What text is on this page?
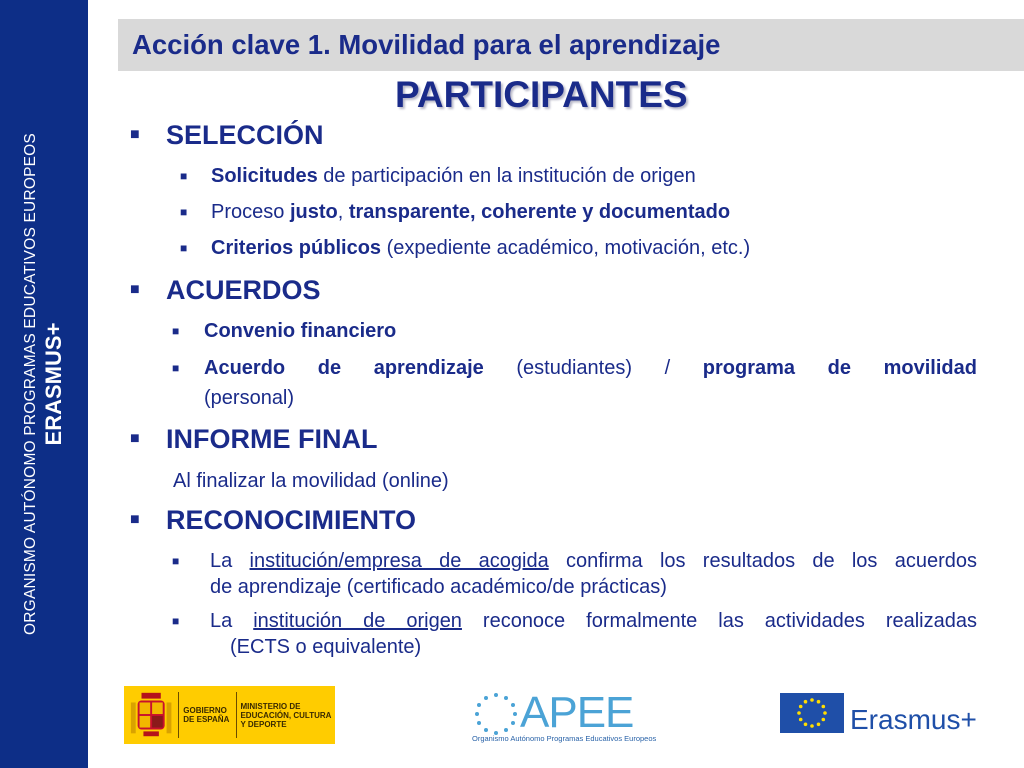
ORGANISMO AUTÓNOMO PROGRAMAS EDUCATIVOS EUROPEOS ERASMUS+
Acción clave 1. Movilidad para el aprendizaje
PARTICIPANTES
■ SELECCIÓN
■ Solicitudes de participación en la institución de origen
■ Proceso justo, transparente, coherente y documentado
■ Criterios públicos (expediente académico, motivación, etc.)
■ ACUERDOS
■ Convenio financiero
■ Acuerdo de aprendizaje (estudiantes) / programa de movilidad
(personal)
■ INFORME FINAL
Al finalizar la movilidad (online)
■ RECONOCIMIENTO
■ La institución/empresa de acogida confirma los resultados de los acuerdos
de aprendizaje (certificado académico/de prácticas)
■ La institución de origen reconoce formalmente las actividades realizadas
(ECTS o equivalente)
GOBIERNO DE ESPAÑA
MINISTERIO DE EDUCACIÓN, CULTURA Y DEPORTE	APEE
Organismo Autónomo Programas Educativos Europeos
Erasmus+
